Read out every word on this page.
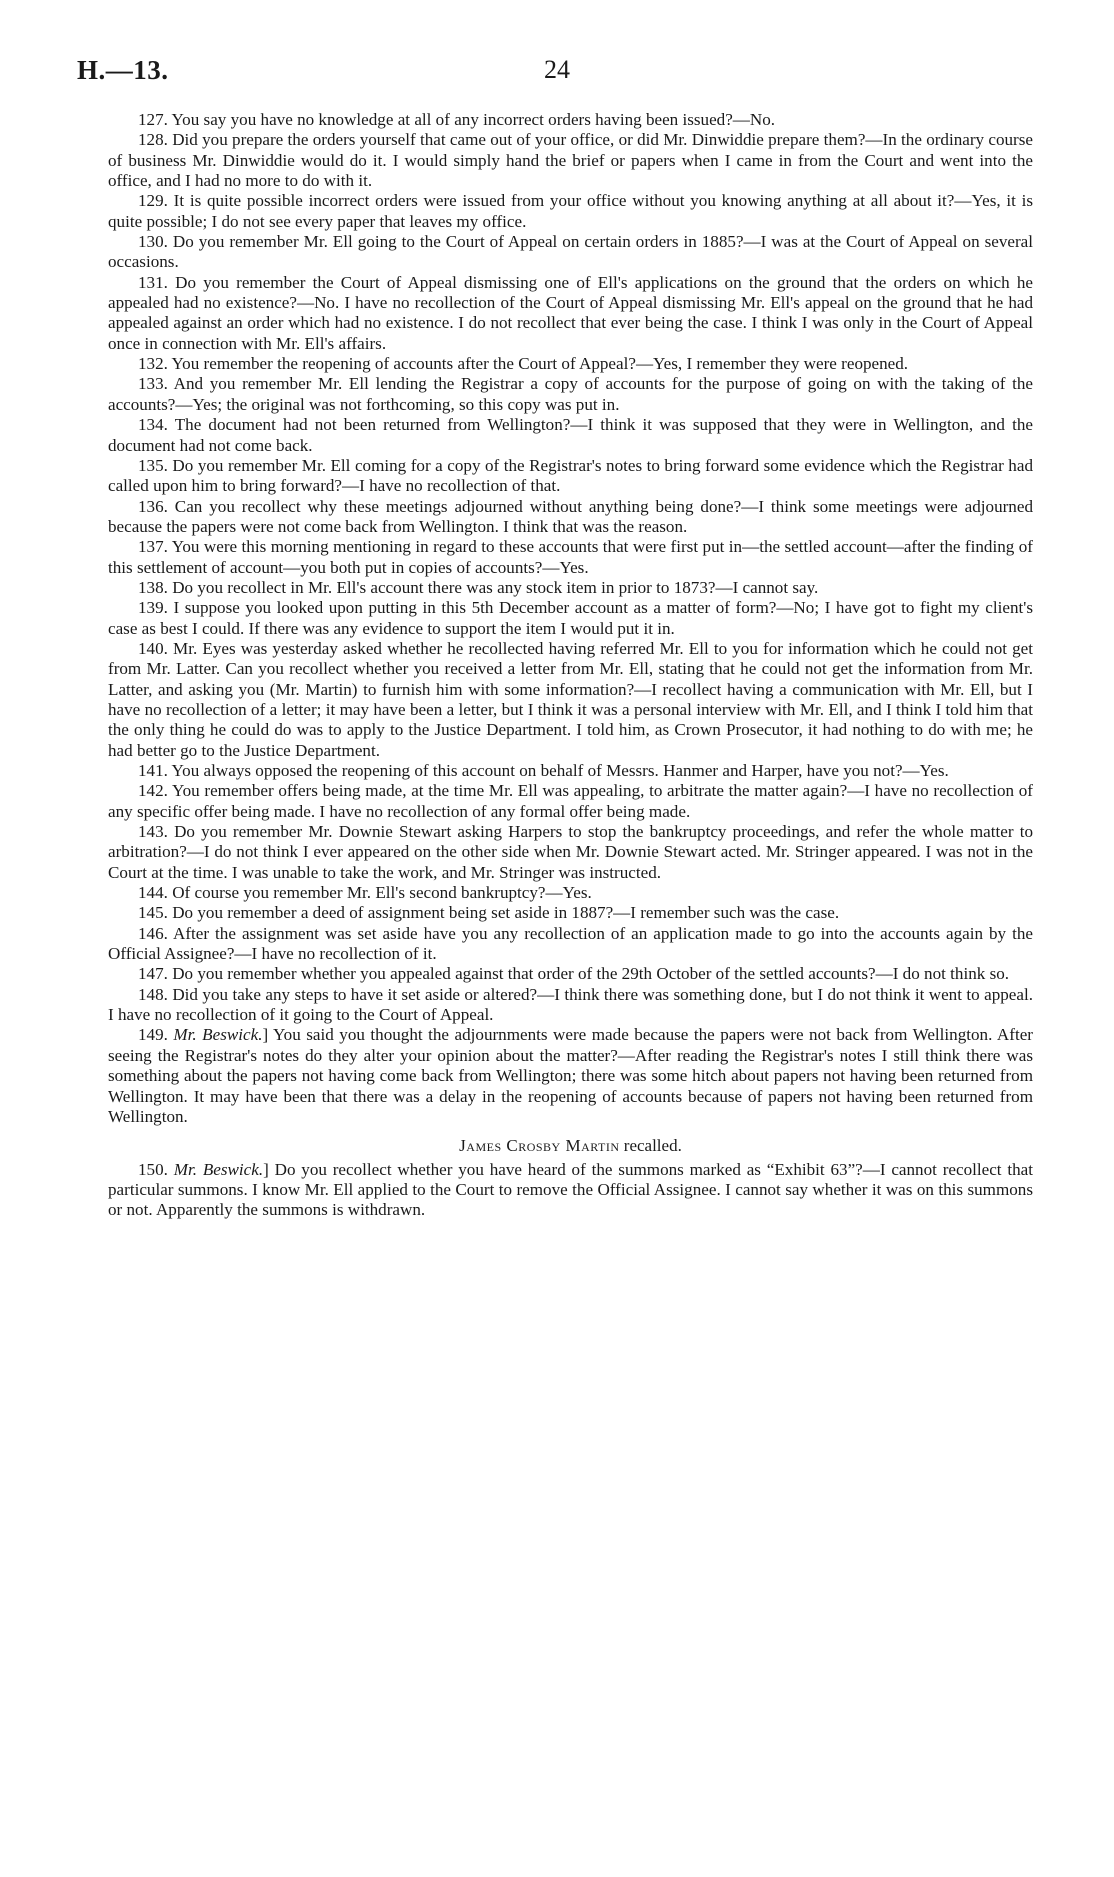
H.—13.	24

127. You say you have no knowledge at all of any incorrect orders having been issued?—No.

128. Did you prepare the orders yourself that came out of your office, or did Mr. Dinwiddie prepare them?—In the ordinary course of business Mr. Dinwiddie would do it. I would simply hand the brief or papers when I came in from the Court and went into the office, and I had no more to do with it.

129. It is quite possible incorrect orders were issued from your office without you knowing anything at all about it?—Yes, it is quite possible; I do not see every paper that leaves my office.

130. Do you remember Mr. Ell going to the Court of Appeal on certain orders in 1885?—I was at the Court of Appeal on several occasions.

131. Do you remember the Court of Appeal dismissing one of Ell's applications on the ground that the orders on which he appealed had no existence?—No. I have no recollection of the Court of Appeal dismissing Mr. Ell's appeal on the ground that he had appealed against an order which had no existence. I do not recollect that ever being the case. I think I was only in the Court of Appeal once in connection with Mr. Ell's affairs.

132. You remember the reopening of accounts after the Court of Appeal?—Yes, I remember they were reopened.

133. And you remember Mr. Ell lending the Registrar a copy of accounts for the purpose of going on with the taking of the accounts?—Yes; the original was not forthcoming, so this copy was put in.

134. The document had not been returned from Wellington?—I think it was supposed that they were in Wellington, and the document had not come back.

135. Do you remember Mr. Ell coming for a copy of the Registrar's notes to bring forward some evidence which the Registrar had called upon him to bring forward?—I have no recollection of that.

136. Can you recollect why these meetings adjourned without anything being done?—I think some meetings were adjourned because the papers were not come back from Wellington. I think that was the reason.

137. You were this morning mentioning in regard to these accounts that were first put in—the settled account—after the finding of this settlement of account—you both put in copies of accounts?—Yes.

138. Do you recollect in Mr. Ell's account there was any stock item in prior to 1873?—I cannot say.

139. I suppose you looked upon putting in this 5th December account as a matter of form?—No; I have got to fight my client's case as best I could. If there was any evidence to support the item I would put it in.

140. Mr. Eyes was yesterday asked whether he recollected having referred Mr. Ell to you for information which he could not get from Mr. Latter. Can you recollect whether you received a letter from Mr. Ell, stating that he could not get the information from Mr. Latter, and asking you (Mr. Martin) to furnish him with some information?—I recollect having a communication with Mr. Ell, but I have no recollection of a letter; it may have been a letter, but I think it was a personal interview with Mr. Ell, and I think I told him that the only thing he could do was to apply to the Justice Department. I told him, as Crown Prosecutor, it had nothing to do with me; he had better go to the Justice Department.

141. You always opposed the reopening of this account on behalf of Messrs. Hanmer and Harper, have you not?—Yes.

142. You remember offers being made, at the time Mr. Ell was appealing, to arbitrate the matter again?—I have no recollection of any specific offer being made. I have no recollection of any formal offer being made.

143. Do you remember Mr. Downie Stewart asking Harpers to stop the bankruptcy proceedings, and refer the whole matter to arbitration?—I do not think I ever appeared on the other side when Mr. Downie Stewart acted. Mr. Stringer appeared. I was not in the Court at the time. I was unable to take the work, and Mr. Stringer was instructed.

144. Of course you remember Mr. Ell's second bankruptcy?—Yes.

145. Do you remember a deed of assignment being set aside in 1887?—I remember such was the case.

146. After the assignment was set aside have you any recollection of an application made to go into the accounts again by the Official Assignee?—I have no recollection of it.

147. Do you remember whether you appealed against that order of the 29th October of the settled accounts?—I do not think so.

148. Did you take any steps to have it set aside or altered?—I think there was something done, but I do not think it went to appeal. I have no recollection of it going to the Court of Appeal.

149. Mr. Beswick.] You said you thought the adjournments were made because the papers were not back from Wellington. After seeing the Registrar's notes do they alter your opinion about the matter?—After reading the Registrar's notes I still think there was something about the papers not having come back from Wellington; there was some hitch about papers not having been returned from Wellington. It may have been that there was a delay in the reopening of accounts because of papers not having been returned from Wellington.

James Crosby Martin recalled.

150. Mr. Beswick.] Do you recollect whether you have heard of the summons marked as “Exhibit 63”?—I cannot recollect that particular summons. I know Mr. Ell applied to the Court to remove the Official Assignee. I cannot say whether it was on this summons or not. Apparently the summons is withdrawn.
